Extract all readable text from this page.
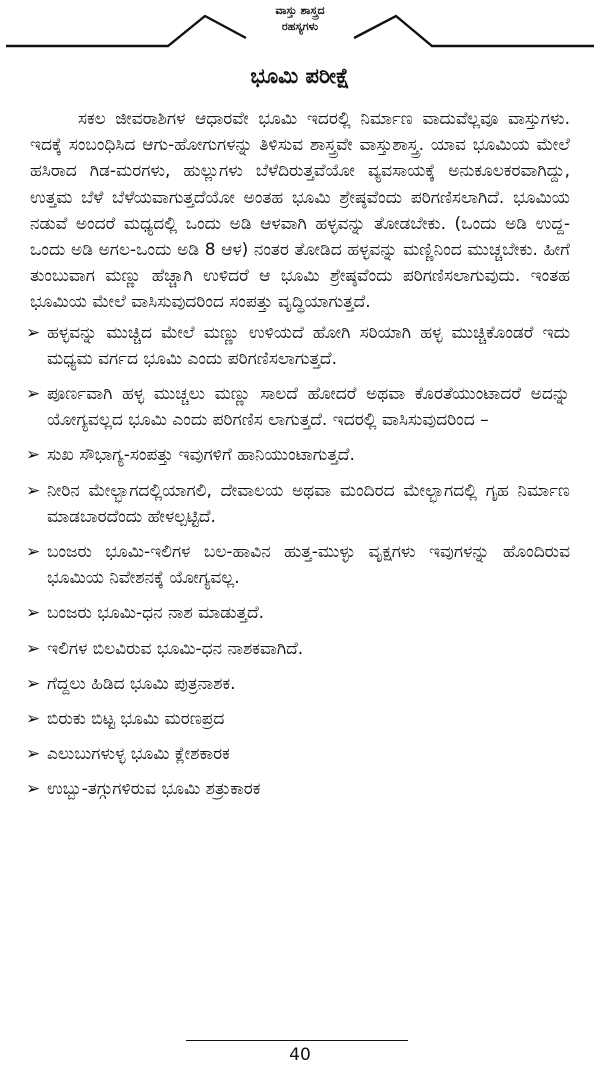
ವಾಸ್ತು ಶಾಸ್ತ್ರದ
ರಹಸ್ಯಗಳು
ಭೂಮಿ ಪರೀಕ್ಷೆ

ಸಕಲ ಜೀವರಾಶಿಗಳ ಆಧಾರವೇ ಭೂಮಿ ಇದರಲ್ಲಿ ನಿರ್ಮಾಣ ವಾದುವೆಲ್ಲವೂ ವಾಸ್ತುಗಳು. ಇದಕ್ಕೆ ಸಂಬಂಧಿಸಿದ ಆಗು-ಹೋಗುಗಳನ್ನು ತಿಳಿಸುವ ಶಾಸ್ತ್ರವೇ ವಾಸ್ತುಶಾಸ್ತ್ರ. ಯಾವ ಭೂಮಿಯ ಮೇಲೆ ಹಸಿರಾದ ಗಿಡ-ಮರಗಳು, ಹುಲ್ಲುಗಳು ಬೆಳೆದಿರುತ್ತವೆಯೋ ವ್ಯವಸಾಯಕ್ಕೆ ಅನುಕೂಲಕರವಾಗಿದ್ದು, ಉತ್ತಮ ಬೆಳೆ ಬೆಳೆಯವಾಗುತ್ತದೆಯೋ ಅಂತಹ ಭೂಮಿ ಶ್ರೇಷ್ಠವೆಂದು ಪರಿಗಣಿಸಲಾಗಿದೆ. ಭೂಮಿಯ ನಡುವೆ ಅಂದರೆ ಮಧ್ಯದಲ್ಲಿ ಒಂದು ಅಡಿ ಆಳವಾಗಿ ಹಳ್ಳವನ್ನು ತೋಡಬೇಕು. (ಒಂದು ಅಡಿ ಉದ್ದ-ಒಂದು ಅಡಿ ಅಗಲ-ಒಂದು ಅಡಿ 8 ಆಳ) ನಂತರ ತೋಡಿದ ಹಳ್ಳವನ್ನು ಮಣ್ಣಿನಿಂದ ಮುಚ್ಚಬೇಕು. ಹೀಗೆ ತುಂಬುವಾಗ ಮಣ್ಣು ಹೆಚ್ಚಾಗಿ ಉಳಿದರೆ ಆ ಭೂಮಿ ಶ್ರೇಷ್ಠವೆಂದು ಪರಿಗಣಿಸಲಾಗುವುದು. ಇಂತಹ ಭೂಮಿಯ ಮೇಲೆ ವಾಸಿಸುವುದರಿಂದ ಸಂಪತ್ತು ವೃದ್ಧಿಯಾಗುತ್ತದೆ.

➢ ಹಳ್ಳವನ್ನು ಮುಚ್ಚಿದ ಮೇಲೆ ಮಣ್ಣು ಉಳಿಯದೆ ಹೋಗಿ ಸರಿಯಾಗಿ ಹಳ್ಳ ಮುಚ್ಚಿಕೊಂಡರೆ ಇದು ಮಧ್ಯಮ ವರ್ಗದ ಭೂಮಿ ಎಂದು ಪರಿಗಣಿಸಲಾಗುತ್ತದೆ.
➢ ಪೂರ್ಣವಾಗಿ ಹಳ್ಳ ಮುಚ್ಚಲು ಮಣ್ಣು ಸಾಲದೆ ಹೋದರೆ ಅಥವಾ ಕೊರತೆಯುಂಟಾದರೆ ಅದನ್ನು ಯೋಗ್ಯವಲ್ಲದ ಭೂಮಿ ಎಂದು ಪರಿಗಣಿಸ ಲಾಗುತ್ತದೆ. ಇದರಲ್ಲಿ ವಾಸಿಸುವುದರಿಂದ –
➢ ಸುಖ ಸೌಭಾಗ್ಯ-ಸಂಪತ್ತು ಇವುಗಳಿಗೆ ಹಾನಿಯುಂಟಾಗುತ್ತದೆ.
➢ ನೀರಿನ ಮೇಲ್ಭಾಗದಲ್ಲಿಯಾಗಲಿ, ದೇವಾಲಯ ಅಥವಾ ಮಂದಿರದ ಮೇಲ್ಭಾಗದಲ್ಲಿ ಗೃಹ ನಿರ್ಮಾಣ ಮಾಡಬಾರದೆಂದು ಹೇಳಲ್ಪಟ್ಟಿದೆ.
➢ ಬಂಜರು ಭೂಮಿ-ಇಲಿಗಳ ಬಲ-ಹಾವಿನ ಹುತ್ತ-ಮುಳ್ಳು ವೃಕ್ಷಗಳು ಇವುಗಳನ್ನು ಹೊಂದಿರುವ ಭೂಮಿಯ ನಿವೇಶನಕ್ಕೆ ಯೋಗ್ಯವಲ್ಲ.
➢ ಬಂಜರು ಭೂಮಿ-ಧನ ನಾಶ ಮಾಡುತ್ತದೆ.
➢ ಇಲಿಗಳ ಬಿಲವಿರುವ ಭೂಮಿ-ಧನ ನಾಶಕವಾಗಿದೆ.
➢ ಗೆದ್ದಲು ಹಿಡಿದ ಭೂಮಿ ಪುತ್ರನಾಶಕ.
➢ ಬಿರುಕು ಬಿಟ್ಟ ಭೂಮಿ ಮರಣಪ್ರದ
➢ ಎಲುಬುಗಳುಳ್ಳ ಭೂಮಿ ಕ್ಲೇಶಕಾರಕ
➢ ಉಬ್ಬು-ತಗ್ಗುಗಳಿರುವ ಭೂಮಿ ಶತ್ರುಕಾರಕ
40
